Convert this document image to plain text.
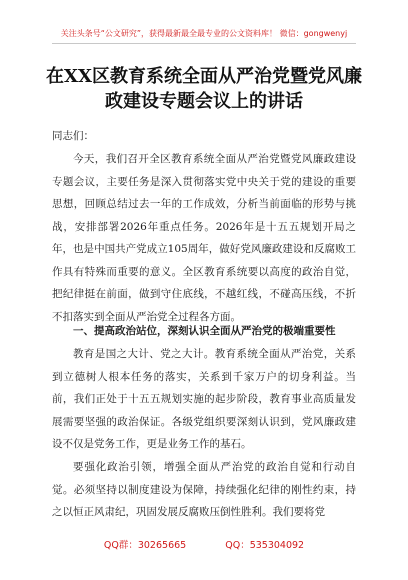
关注头条号“公文研究”，获得最新最全最专业的公文资料库！ 微信：gongwenyj
在XX区教育系统全面从严治党暨党风廉政建设专题会议上的讲话
同志们：

今天，我们召开全区教育系统全面从严治党暨党风廉政建设专题会议，主要任务是深入贯彻落实党中央关于党的建设的重要思想，回顾总结过去一年的工作成效，分析当前面临的形势与挑战，安排部署2026年重点任务。2026年是十五五规划开局之年，也是中国共产党成立105周年，做好党风廉政建设和反腐败工作具有特殊而重要的意义。全区教育系统要以高度的政治自觉，把纪律挺在前面，做到守住底线，不越红线，不碰高压线，不折不扣落实到全面从严治党全过程各方面。

一、提高政治站位，深刻认识全面从严治党的极端重要性

教育是国之大计、党之大计。教育系统全面从严治党，关系到立德树人根本任务的落实，关系到千家万户的切身利益。当前，我们正处于十五五规划实施的起步阶段，教育事业高质量发展需要坚强的政治保证。各级党组织要深刻认识到，党风廉政建设不仅是党务工作，更是业务工作的基石。

要强化政治引领，增强全面从严治党的政治自觉和行动自觉。必须坚持以制度建设为保障，持续强化纪律的刚性约束，持之以恒正风肃纪，巩固发展反腐败压倒性胜利。我们要将党

QQ群：30265665	QQ：535304092
